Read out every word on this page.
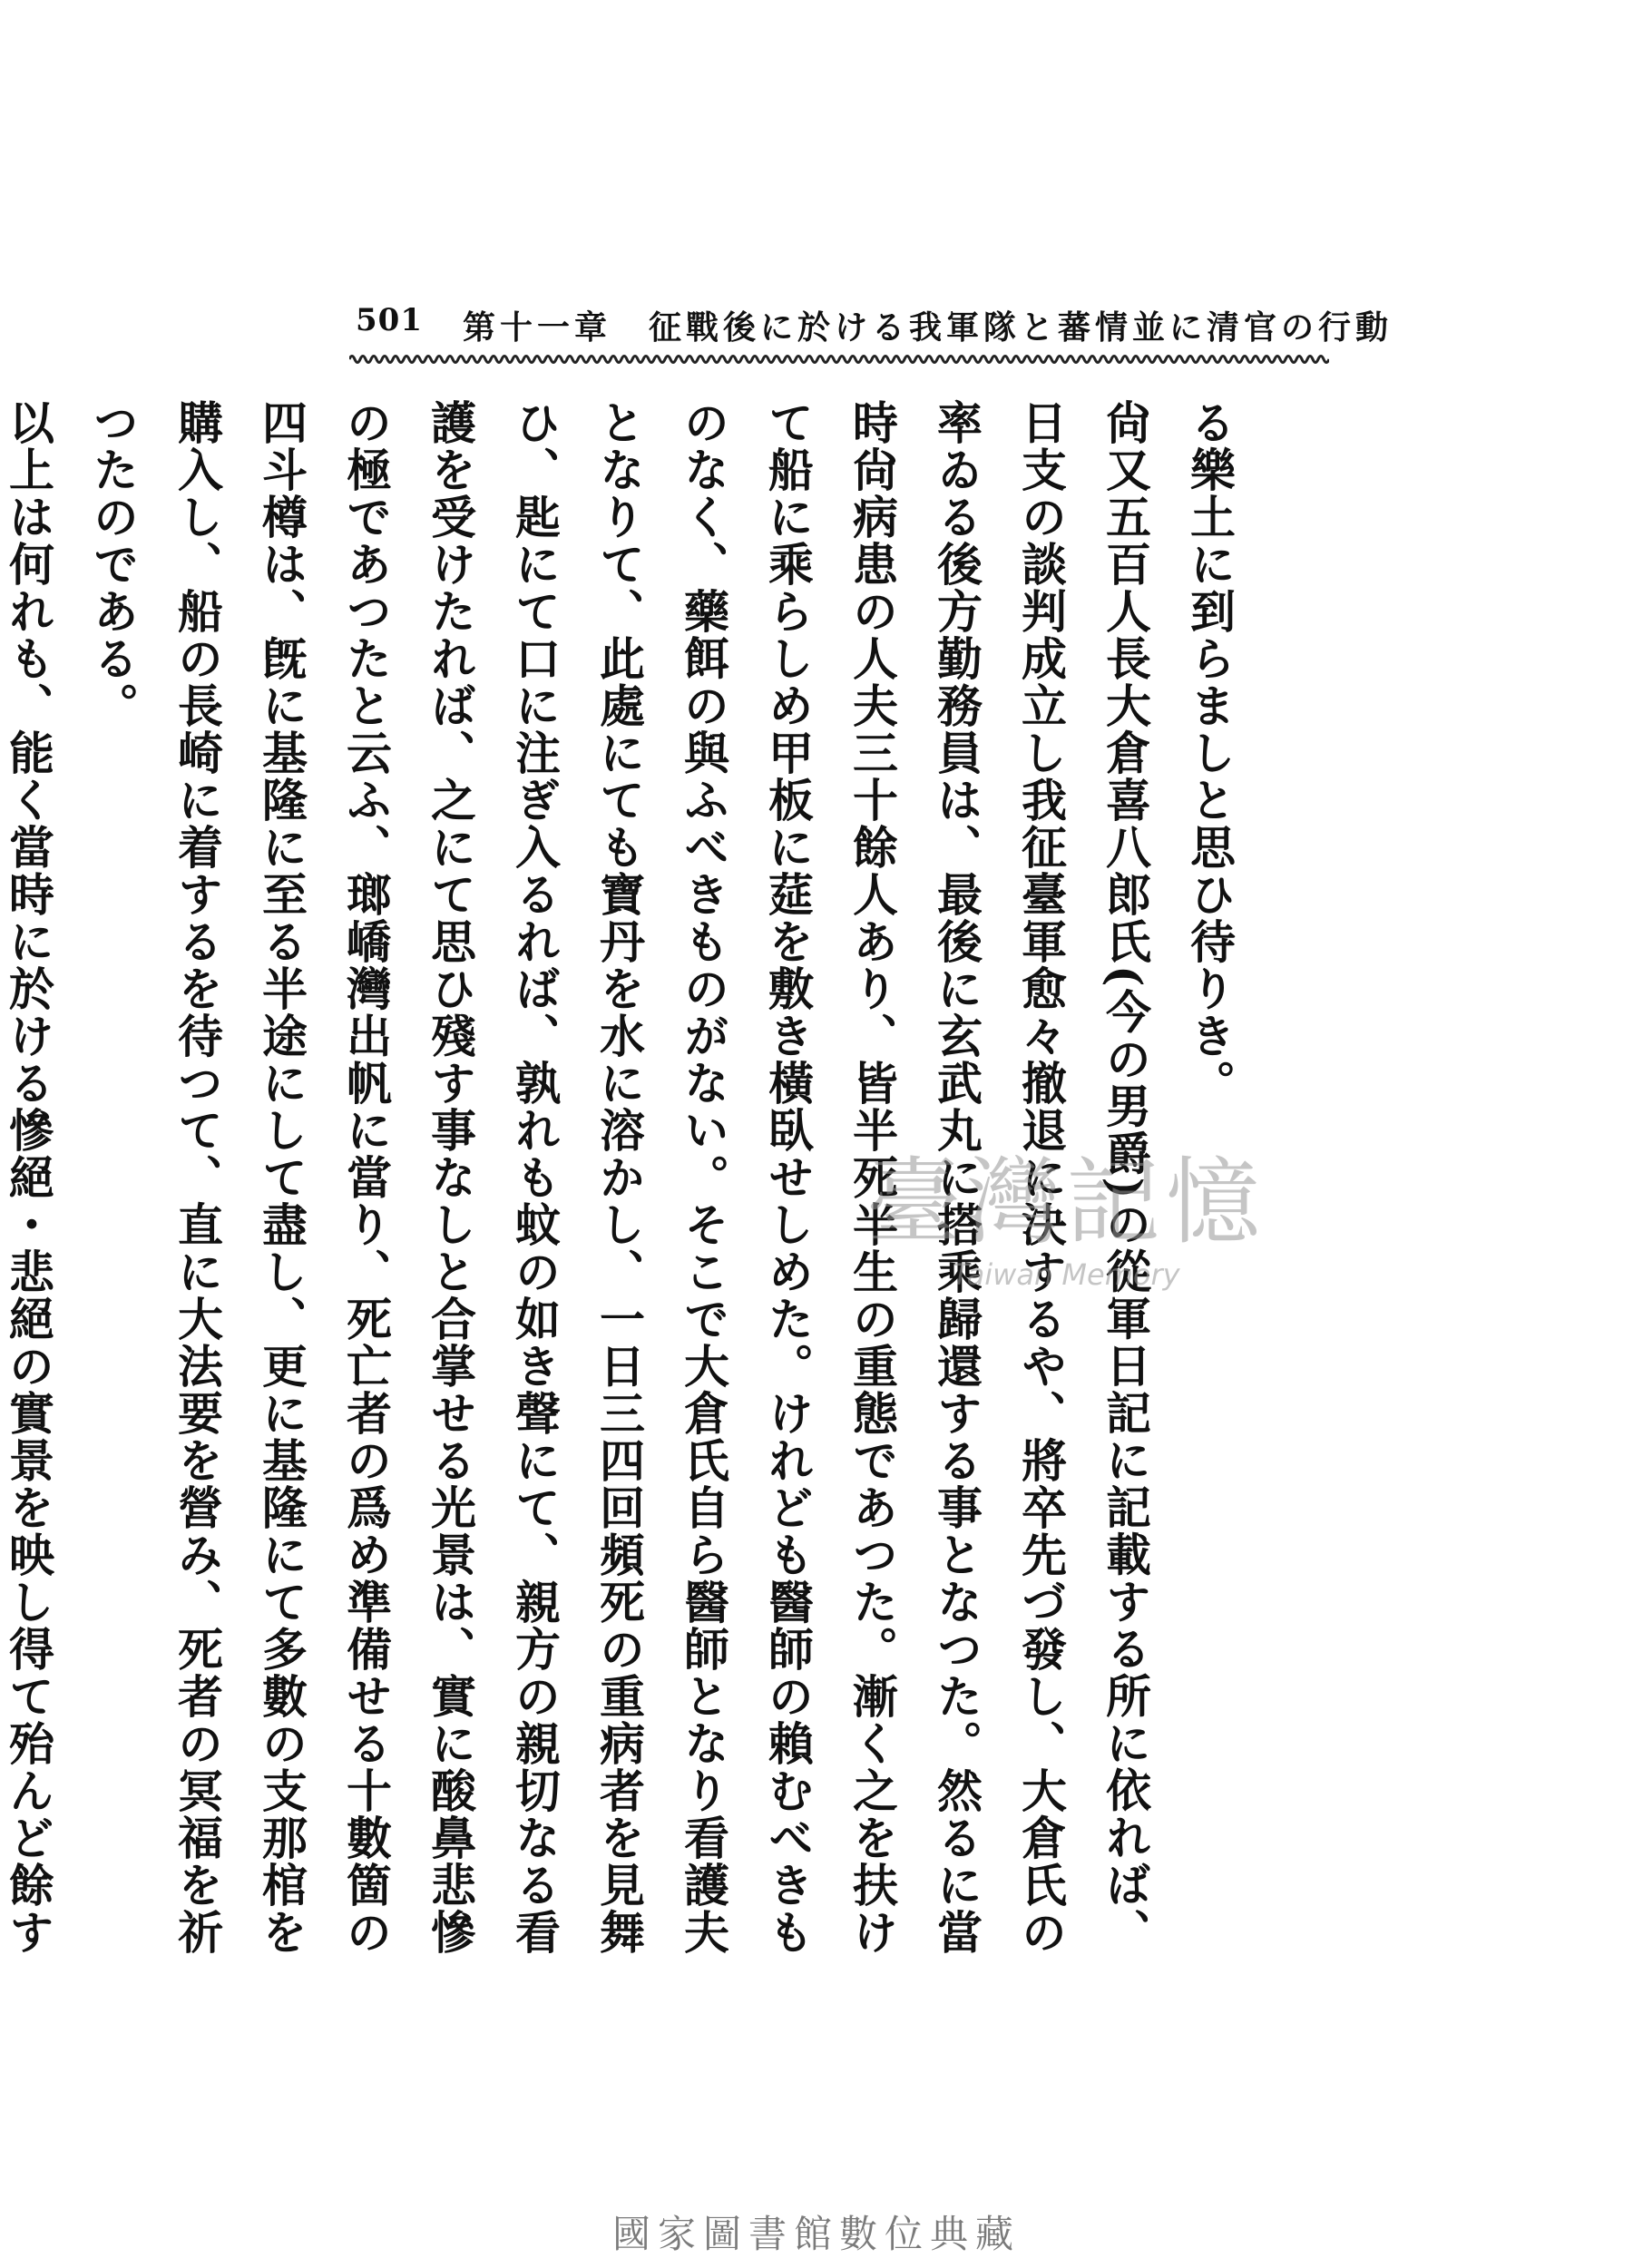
501 第十一章　征戰後に於ける我軍隊と蕃情並に清官の行動

る樂土に到らましと思ひ待りき。

尙又五百人長大倉喜八郎氏(今の男爵)の從軍日記に記載する所に依れば、日支の談判成立し我征臺軍愈々撤退に決するや、將卒先づ發し、大倉氏の率ゐる後方勤務員は、最後に玄武丸に搭乘歸還する事となつた。然るに當時尙病患の人夫三十餘人あり、皆半死半生の重態であつた。漸く之を扶けて船に乘らしめ甲板に莚を敷き橫臥せしめた。けれども醫師の賴むべきものなく、藥餌の與ふべきものがない。そこで大倉氏自ら醫師となり看護夫となりて、此處にても寶丹を水に溶かし、一日三四回頻死の重病者を見舞ひ、匙にて口に注ぎ入るれば、孰れも蚊の如き聲にて、親方の親切なる看護を受けたれば、之にて思ひ殘す事なしと合掌せる光景は、實に酸鼻悲慘の極であつたと云ふ、瑯嶠灣出帆に當り、死亡者の爲め準備せる十數箇の四斗樽は、旣に基隆に至る半途にして盡し、更に基隆にて多數の支那棺を購入し、船の長崎に着するを待つて、直に大法要を營み、死者の冥福を祈つたのである。

以上は何れも、能く當時に於ける慘絕・悲絕の實景を映し得て殆んど餘す

臺灣記憶
Taiwan Memory
國家圖書館數位典藏
